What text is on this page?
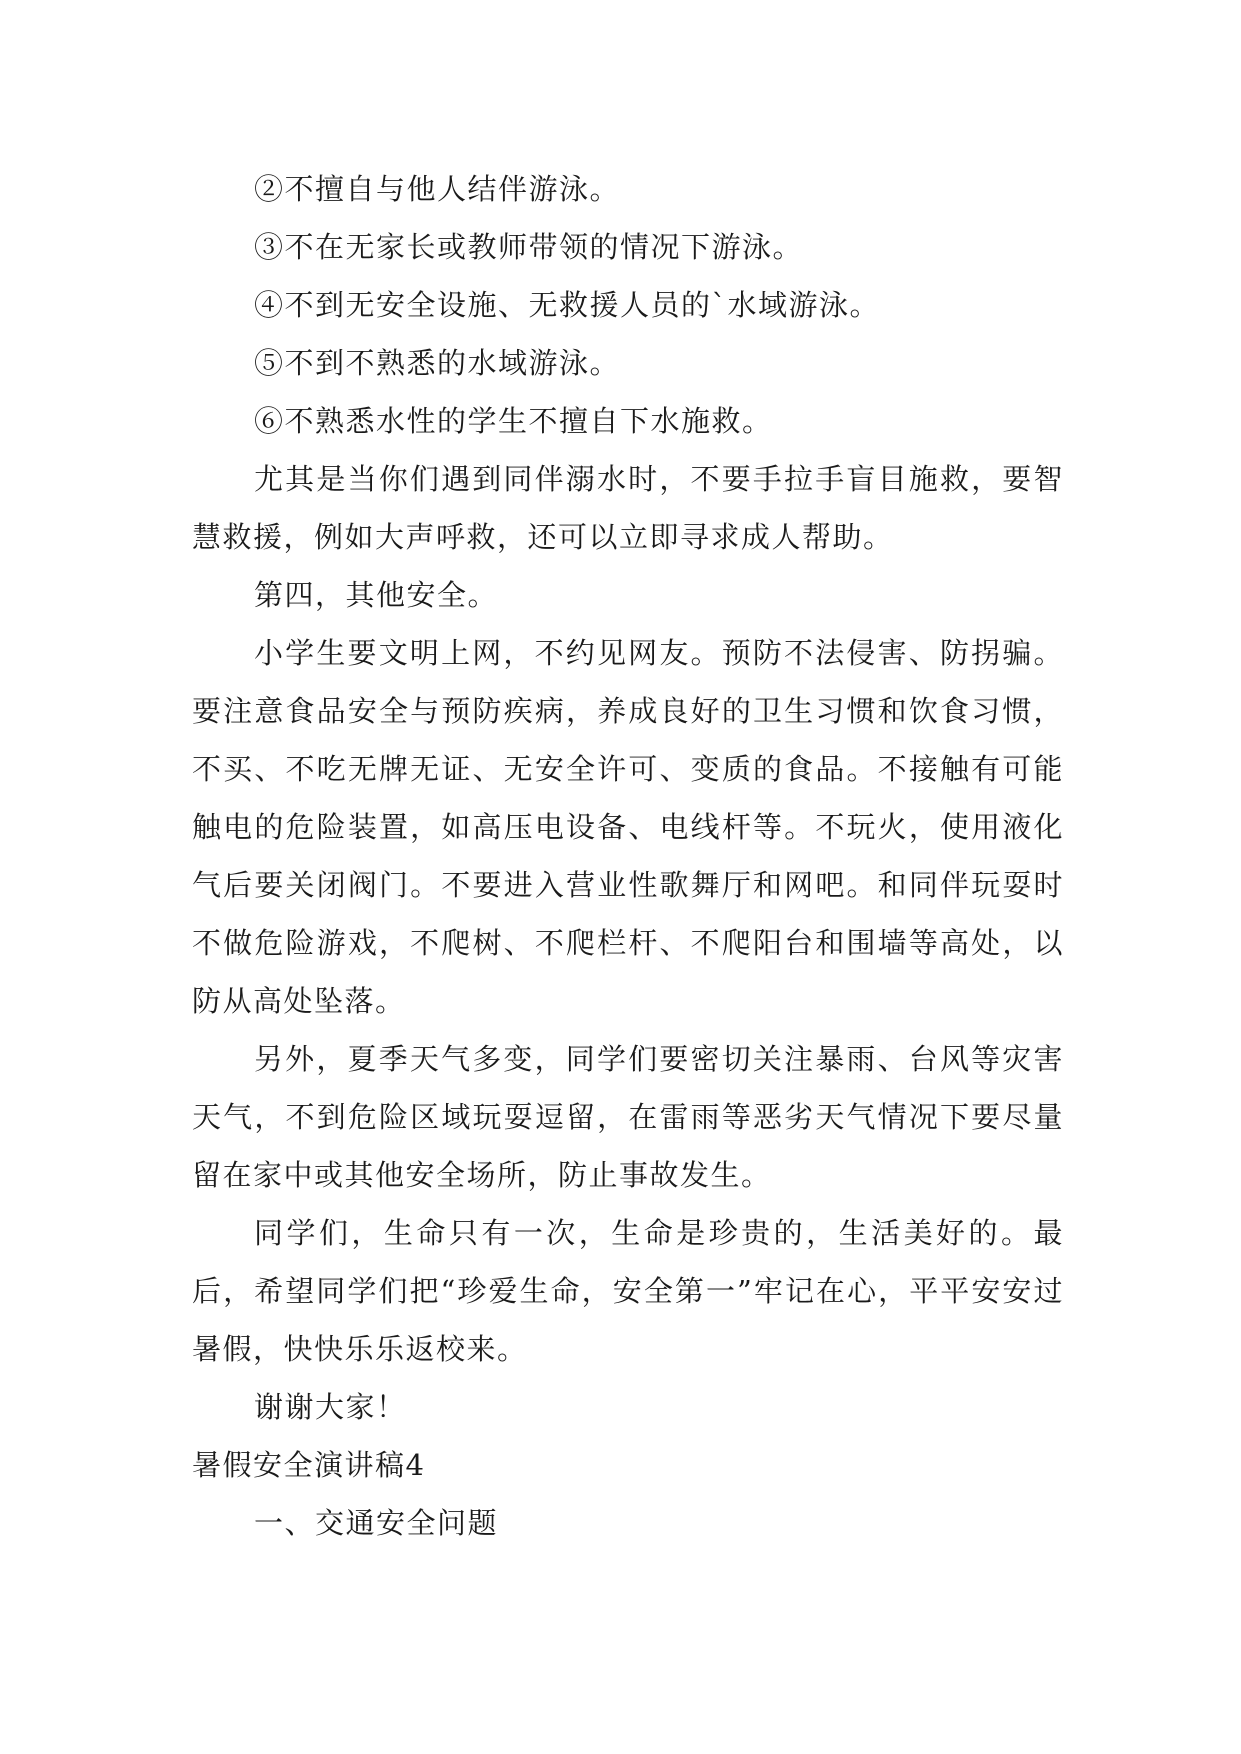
②不擅自与他人结伴游泳。

③不在无家长或教师带领的情况下游泳。

④不到无安全设施、无救援人员的`水域游泳。

⑤不到不熟悉的水域游泳。

⑥不熟悉水性的学生不擅自下水施救。

尤其是当你们遇到同伴溺水时，不要手拉手盲目施救，要智慧救援，例如大声呼救，还可以立即寻求成人帮助。

第四，其他安全。

小学生要文明上网，不约见网友。预防不法侵害、防拐骗。要注意食品安全与预防疾病，养成良好的卫生习惯和饮食习惯，不买、不吃无牌无证、无安全许可、变质的食品。不接触有可能触电的危险装置，如高压电设备、电线杆等。不玩火，使用液化气后要关闭阀门。不要进入营业性歌舞厅和网吧。和同伴玩耍时不做危险游戏，不爬树、不爬栏杆、不爬阳台和围墙等高处，以防从高处坠落。

另外，夏季天气多变，同学们要密切关注暴雨、台风等灾害天气，不到危险区域玩耍逗留，在雷雨等恶劣天气情况下要尽量留在家中或其他安全场所，防止事故发生。

同学们，生命只有一次，生命是珍贵的，生活美好的。最后，希望同学们把“珍爱生命，安全第一”牢记在心，平平安安过暑假，快快乐乐返校来。

谢谢大家！

暑假安全演讲稿4

一、交通安全问题
